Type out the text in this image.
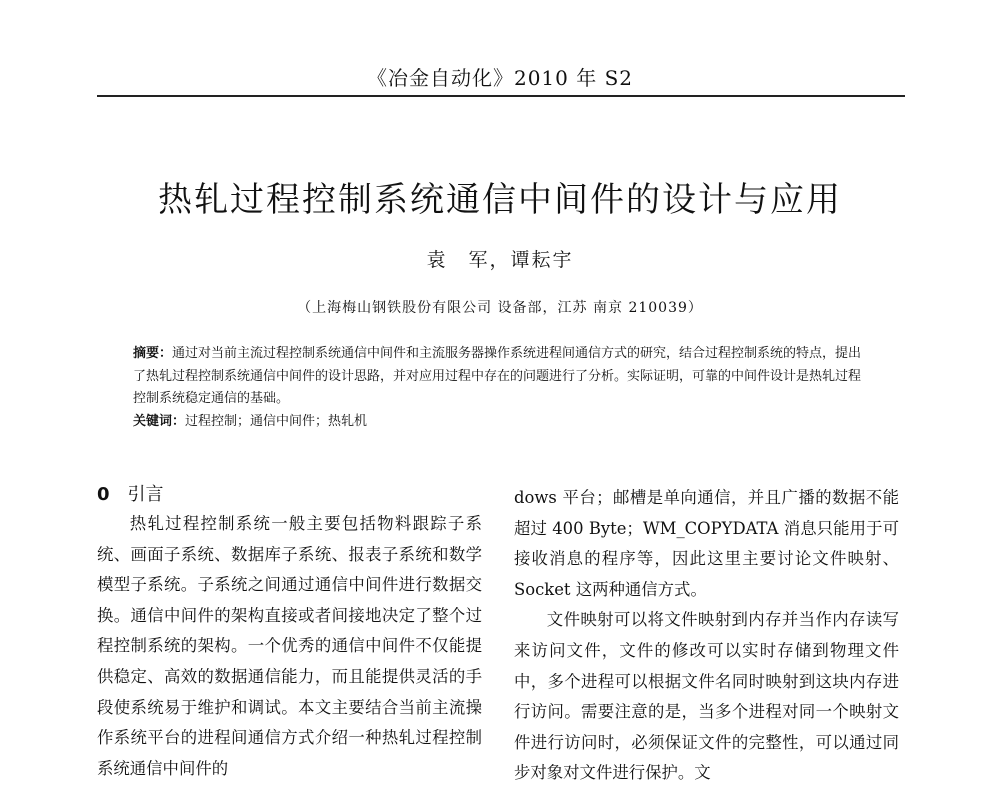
《冶金自动化》2010 年 S2
热轧过程控制系统通信中间件的设计与应用
袁　军，谭耘宇
（上海梅山钢铁股份有限公司 设备部，江苏 南京 210039）

摘要：通过对当前主流过程控制系统通信中间件和主流服务器操作系统进程间通信方式的研究，结合过程控制系统的特点，提出了热轧过程控制系统通信中间件的设计思路，并对应用过程中存在的问题进行了分析。实际证明，可靠的中间件设计是热轧过程控制系统稳定通信的基础。

关键词：过程控制；通信中间件；热轧机

0 引言

热轧过程控制系统一般主要包括物料跟踪子系统、画面子系统、数据库子系统、报表子系统和数学模型子系统。子系统之间通过通信中间件进行数据交换。通信中间件的架构直接或者间接地决定了整个过程控制系统的架构。一个优秀的通信中间件不仅能提供稳定、高效的数据通信能力，而且能提供灵活的手段使系统易于维护和调试。本文主要结合当前主流操作系统平台的进程间通信方式介绍一种热轧过程控制系统通信中间件的

dows 平台；邮槽是单向通信，并且广播的数据不能超过 400 Byte；WM_COPYDATA 消息只能用于可接收消息的程序等，因此这里主要讨论文件映射、Socket 这两种通信方式。

文件映射可以将文件映射到内存并当作内存读写来访问文件，文件的修改可以实时存储到物理文件中，多个进程可以根据文件名同时映射到这块内存进行访问。需要注意的是，当多个进程对同一个映射文件进行访问时，必须保证文件的完整性，可以通过同步对象对文件进行保护。文
